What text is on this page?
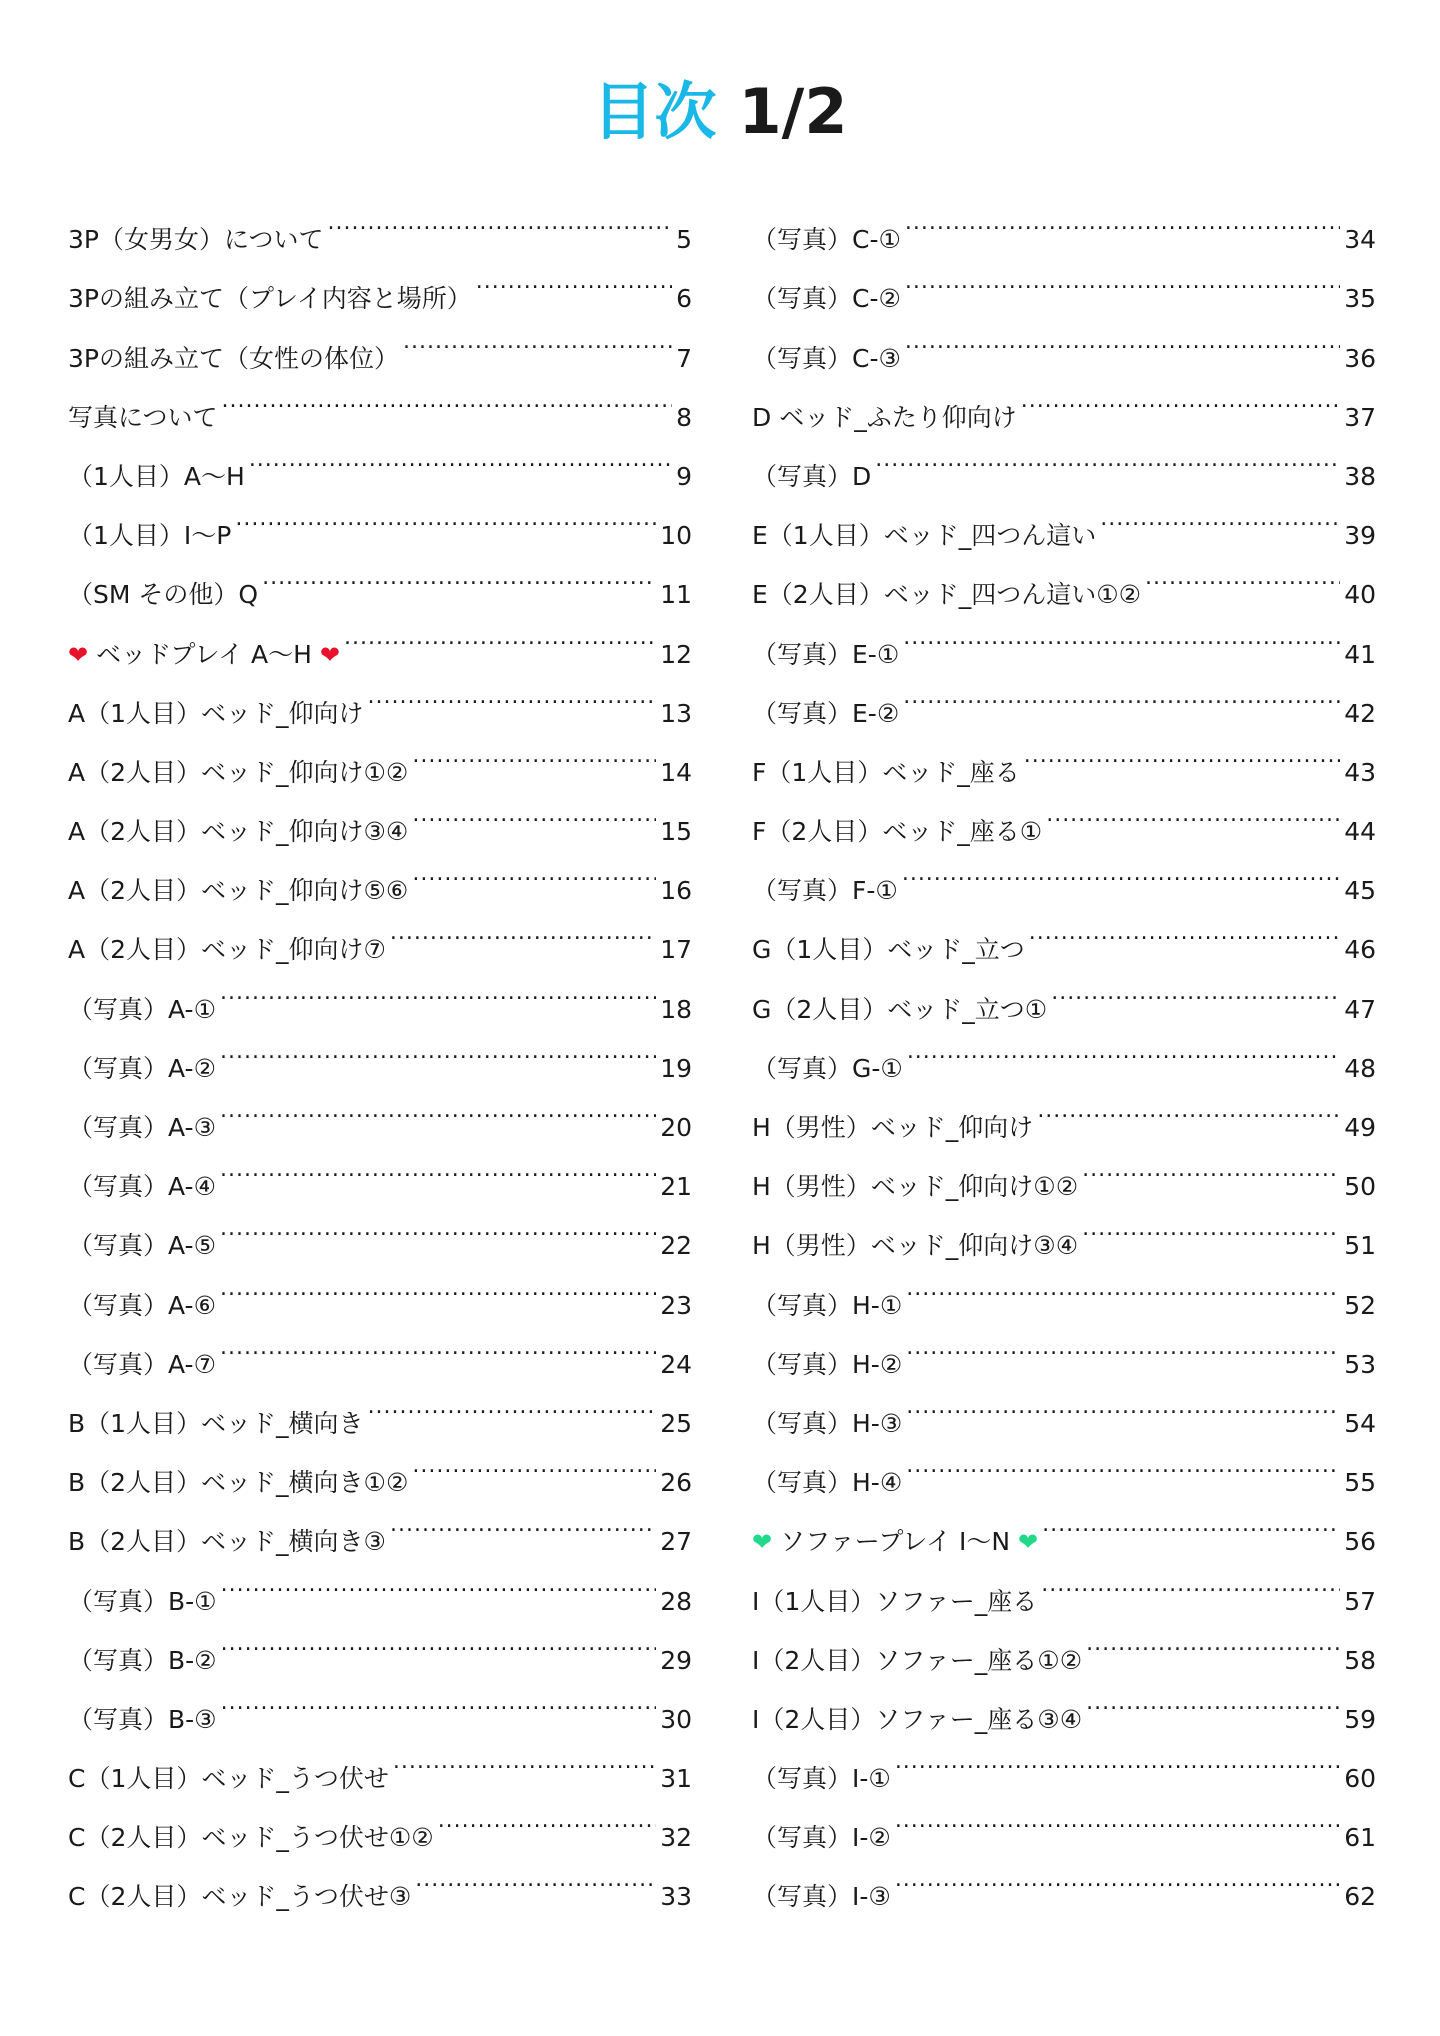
目次 1/2
3P（女男女）について .....	5
3Pの組み立て（プレイ内容と場所） .....	6
3Pの組み立て（女性の体位） .....	7
写真について .....	8
（1人目）A～H .....	9
（1人目）I～P .....	10
（SM その他）Q .....	11
❤ ベッドプレイ A～H ❤ .....	12
A（1人目）ベッド_仰向け .....	13
A（2人目）ベッド_仰向け①② .....	14
A（2人目）ベッド_仰向け③④ .....	15
A（2人目）ベッド_仰向け⑤⑥ .....	16
A（2人目）ベッド_仰向け⑦ .....	17
（写真）A-① .....	18
（写真）A-② .....	19
（写真）A-③ .....	20
（写真）A-④ .....	21
（写真）A-⑤ .....	22
（写真）A-⑥ .....	23
（写真）A-⑦ .....	24
B（1人目）ベッド_横向き .....	25
B（2人目）ベッド_横向き①② .....	26
B（2人目）ベッド_横向き③ .....	27
（写真）B-① .....	28
（写真）B-② .....	29
（写真）B-③ .....	30
C（1人目）ベッド_うつ伏せ .....	31
C（2人目）ベッド_うつ伏せ①② .....	32
C（2人目）ベッド_うつ伏せ③ .....	33
（写真）C-① .....	34
（写真）C-② .....	35
（写真）C-③ .....	36
D ベッド_ふたり仰向け .....	37
（写真）D .....	38
E（1人目）ベッド_四つん這い .....	39
E（2人目）ベッド_四つん這い①② .....	40
（写真）E-① .....	41
（写真）E-② .....	42
F（1人目）ベッド_座る .....	43
F（2人目）ベッド_座る① .....	44
（写真）F-① .....	45
G（1人目）ベッド_立つ .....	46
G（2人目）ベッド_立つ① .....	47
（写真）G-① .....	48
H（男性）ベッド_仰向け .....	49
H（男性）ベッド_仰向け①② .....	50
H（男性）ベッド_仰向け③④ .....	51
（写真）H-① .....	52
（写真）H-② .....	53
（写真）H-③ .....	54
（写真）H-④ .....	55
❤ ソファープレイ I～N ❤ .....	56
I（1人目）ソファー_座る .....	57
I（2人目）ソファー_座る①② .....	58
I（2人目）ソファー_座る③④ .....	59
（写真）I-① .....	60
（写真）I-② .....	61
（写真）I-③ .....	62
